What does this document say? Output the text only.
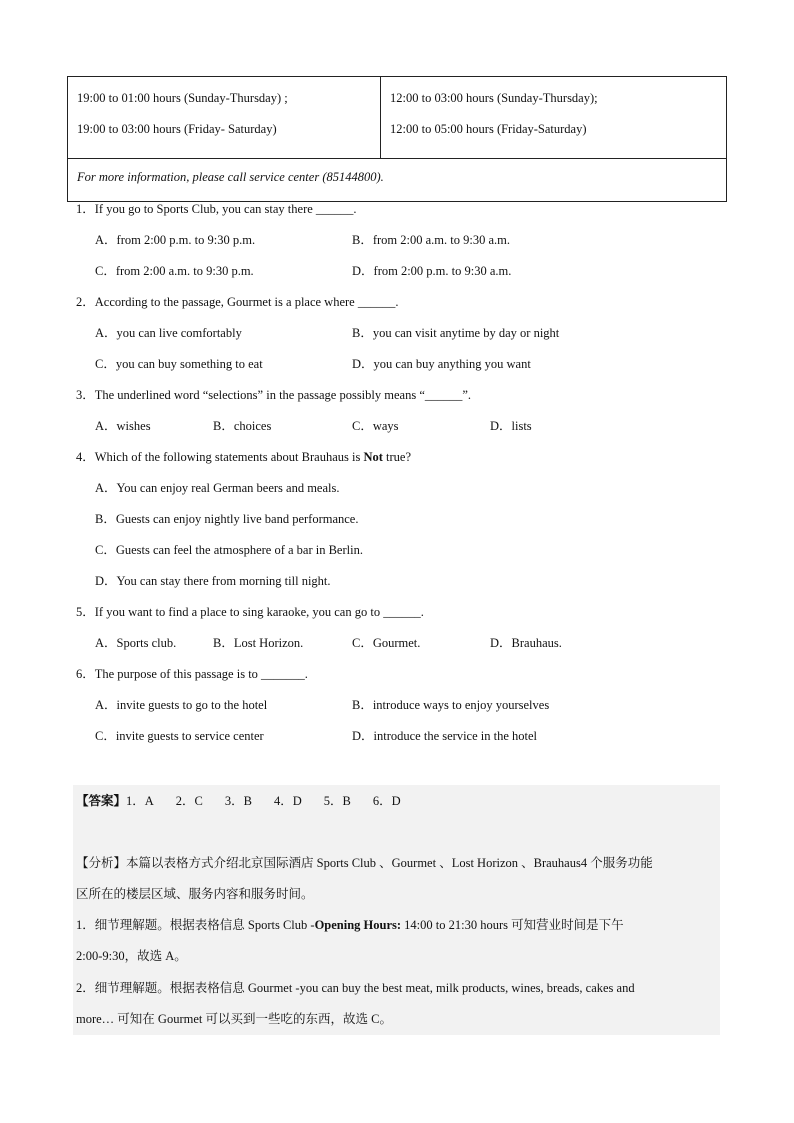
19:00 to 01:00 hours (Sunday-Thursday) ;
19:00 to 03:00 hours (Friday- Saturday)

12:00 to 03:00 hours (Sunday-Thursday);
12:00 to 05:00 hours (Friday-Saturday)

For more information, please call service center (85144800).
1．If you go to Sports Club, you can stay there ______.
A．from 2:00 p.m. to 9:30 p.m.	B．from 2:00 a.m. to 9:30 a.m.
C．from 2:00 a.m. to 9:30 p.m.	D．from 2:00 p.m. to 9:30 a.m.
2．According to the passage, Gourmet is a place where ______.
A．you can live comfortably	B．you can visit anytime by day or night
C．you can buy something to eat	D．you can buy anything you want
3．The underlined word “selections” in the passage possibly means “______”.
A．wishes	B．choices	C．ways	D．lists
4．Which of the following statements about Brauhaus is Not true?
A．You can enjoy real German beers and meals.
B．Guests can enjoy nightly live band performance.
C．Guests can feel the atmosphere of a bar in Berlin.
D．You can stay there from morning till night.
5．If you want to find a place to sing karaoke, you can go to ______.
A．Sports club.	B．Lost Horizon.	C．Gourmet.	D．Brauhaus.
6．The purpose of this passage is to _______.
A．invite guests to go to the hotel	B．introduce ways to enjoy yourselves
C．invite guests to service center	D．introduce the service in the hotel
【答案】1．A 2．C 3．B 4．D 5．B 6．D
【分析】本篇以表格方式介绍北京国际酒店 Sports Club 、Gourmet 、Lost Horizon 、Brauhaus4 个服务功能
区所在的楼层区域、服务内容和服务时间。
1．细节理解题。根据表格信息 Sports Club -Opening Hours: 14:00 to 21:30 hours 可知营业时间是下午
2:00-9:30，故选 A。
2．细节理解题。根据表格信息 Gourmet -you can buy the best meat, milk products, wines, breads, cakes and
more… 可知在 Gourmet 可以买到一些吃的东西，故选 C。
